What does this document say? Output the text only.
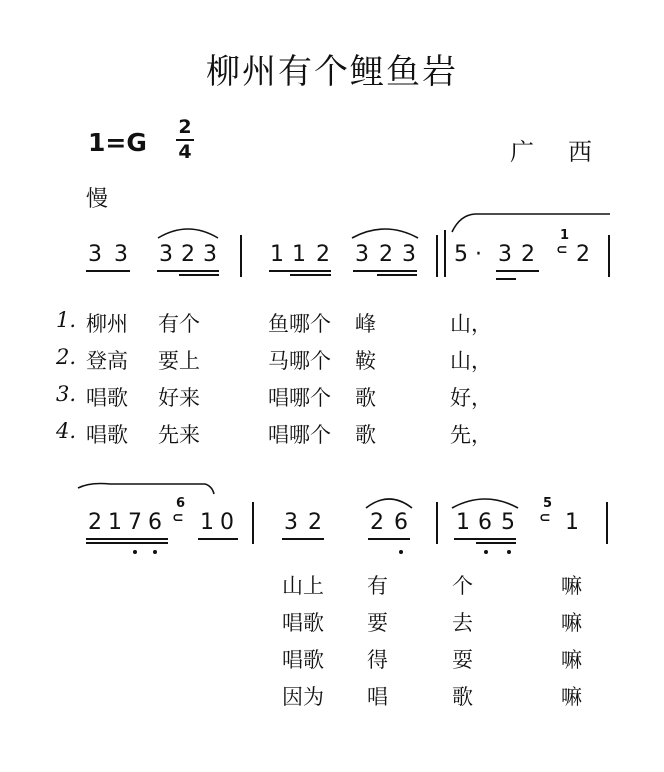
柳州有个鲤鱼岩
1=G
2
4	广西
慢
3 3 3 2 3 1 1 2 3 2 3 5 · 3 2
1
⊂ 2
1. 柳州 有个	鱼哪个 峰	山，
2. 登高 要上	马哪个 鞍	山，
3. 唱歌 好来	唱哪个 歌	好，
4. 唱歌 先来	唱哪个 歌	先，
2 1 7 6
6
⊂ 1 0 3 2 2 6 1 6 5
5
⊂ 1
山上 有	个	嘛
唱歌 要	去	嘛
唱歌 得	耍	嘛
因为 唱	歌	嘛
